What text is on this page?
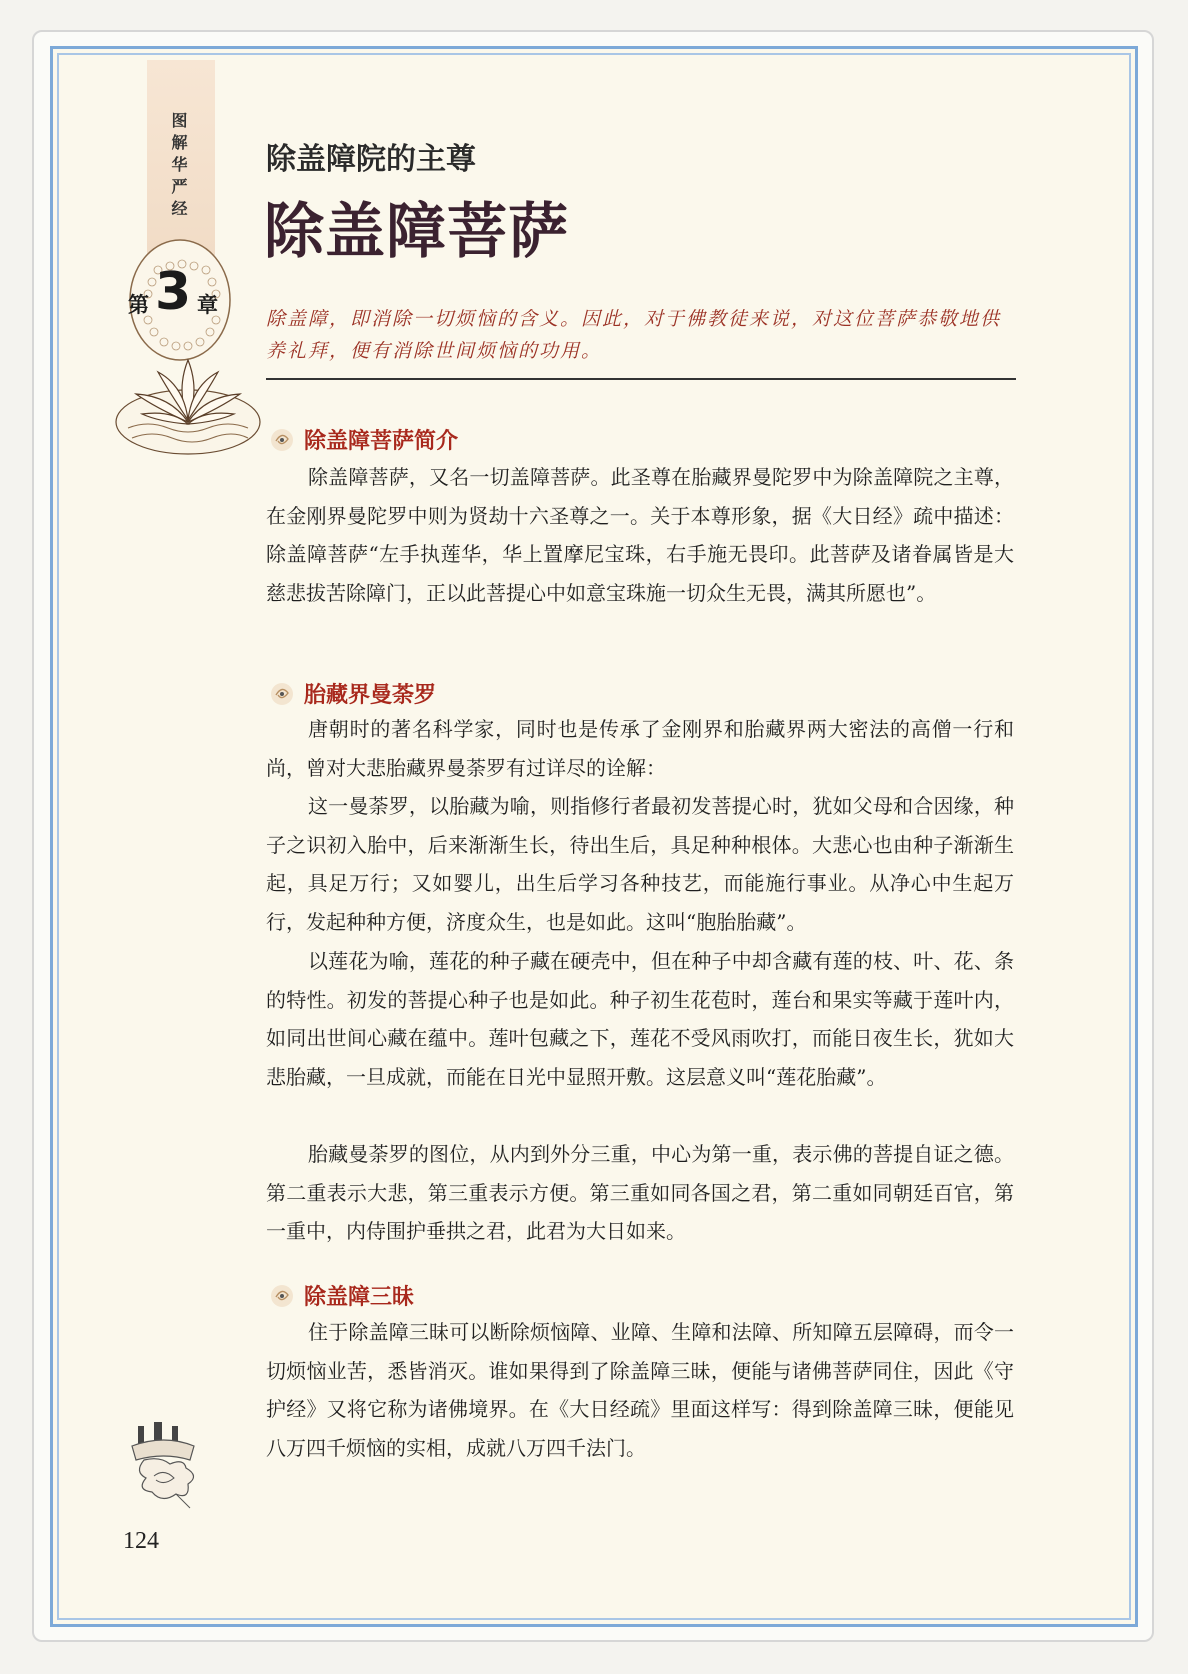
图解华严经
第 3 章
除盖障院的主尊
除盖障菩萨
除盖障，即消除一切烦恼的含义。因此，对于佛教徒来说，对这位菩萨恭敬地供养礼拜，便有消除世间烦恼的功用。
除盖障菩萨简介
除盖障菩萨，又名一切盖障菩萨。此圣尊在胎藏界曼陀罗中为除盖障院之主尊，在金刚界曼陀罗中则为贤劫十六圣尊之一。关于本尊形象，据《大日经》疏中描述：除盖障菩萨“左手执莲华，华上置摩尼宝珠，右手施无畏印。此菩萨及诸眷属皆是大慈悲拔苦除障门，正以此菩提心中如意宝珠施一切众生无畏，满其所愿也”。
胎藏界曼荼罗
唐朝时的著名科学家，同时也是传承了金刚界和胎藏界两大密法的高僧一行和尚，曾对大悲胎藏界曼荼罗有过详尽的诠解：
这一曼荼罗，以胎藏为喻，则指修行者最初发菩提心时，犹如父母和合因缘，种子之识初入胎中，后来渐渐生长，待出生后，具足种种根体。大悲心也由种子渐渐生起，具足万行；又如婴儿，出生后学习各种技艺，而能施行事业。从净心中生起万行，发起种种方便，济度众生，也是如此。这叫“胞胎胎藏”。
以莲花为喻，莲花的种子藏在硬壳中，但在种子中却含藏有莲的枝、叶、花、条的特性。初发的菩提心种子也是如此。种子初生花苞时，莲台和果实等藏于莲叶内，如同出世间心藏在蕴中。莲叶包藏之下，莲花不受风雨吹打，而能日夜生长，犹如大悲胎藏，一旦成就，而能在日光中显照开敷。这层意义叫“莲花胎藏”。
胎藏曼荼罗的图位，从内到外分三重，中心为第一重，表示佛的菩提自证之德。第二重表示大悲，第三重表示方便。第三重如同各国之君，第二重如同朝廷百官，第一重中，内侍围护垂拱之君，此君为大日如来。
除盖障三昧
住于除盖障三昧可以断除烦恼障、业障、生障和法障、所知障五层障碍，而令一切烦恼业苦，悉皆消灭。谁如果得到了除盖障三昧，便能与诸佛菩萨同住，因此《守护经》又将它称为诸佛境界。在《大日经疏》里面这样写：得到除盖障三昧，便能见八万四千烦恼的实相，成就八万四千法门。
124
